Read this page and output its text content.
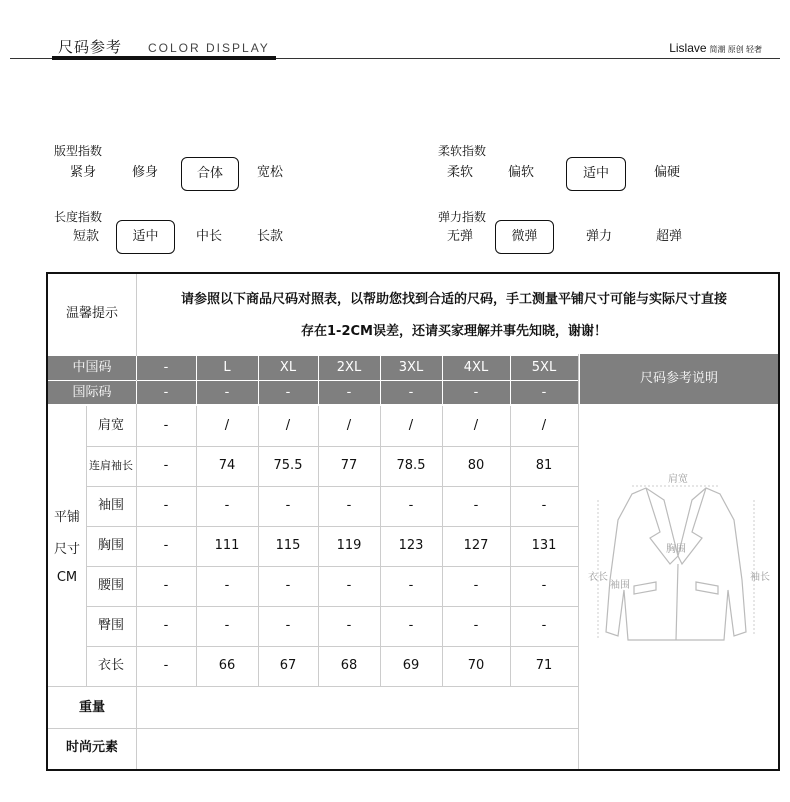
尺码参考 COLOR DISPLAY	Lislave 简潮 原创 轻奢
版型指数
紧身	修身	合体	宽松
柔软指数
柔软	偏软	适中	偏硬
长度指数
短款	适中	中长	长款
弹力指数
无弹	微弹	弹力	超弹
温馨提示
请参照以下商品尺码对照表，以帮助您找到合适的尺码，手工测量平铺尺寸可能与实际尺寸直接
存在1-2CM误差，还请买家理解并事先知晓，谢谢！
中国码	-	L	XL	2XL	3XL	4XL	5XL
国际码	-	-	-	-	-	-	-
尺码参考说明
平铺
尺寸
CM
肩宽	-	/	/	/	/	/	/
连肩袖长	-	74	75.5	77	78.5	80	81
袖围	-	-	-	-	-	-	-
胸围	-	111	115	119	123	127	131
腰围	-	-	-	-	-	-	-
臀围	-	-	-	-	-	-	-
衣长	-	66	67	68	69	70	71
重量
时尚元素
肩宽
胸围
衣长
袖围
袖长
